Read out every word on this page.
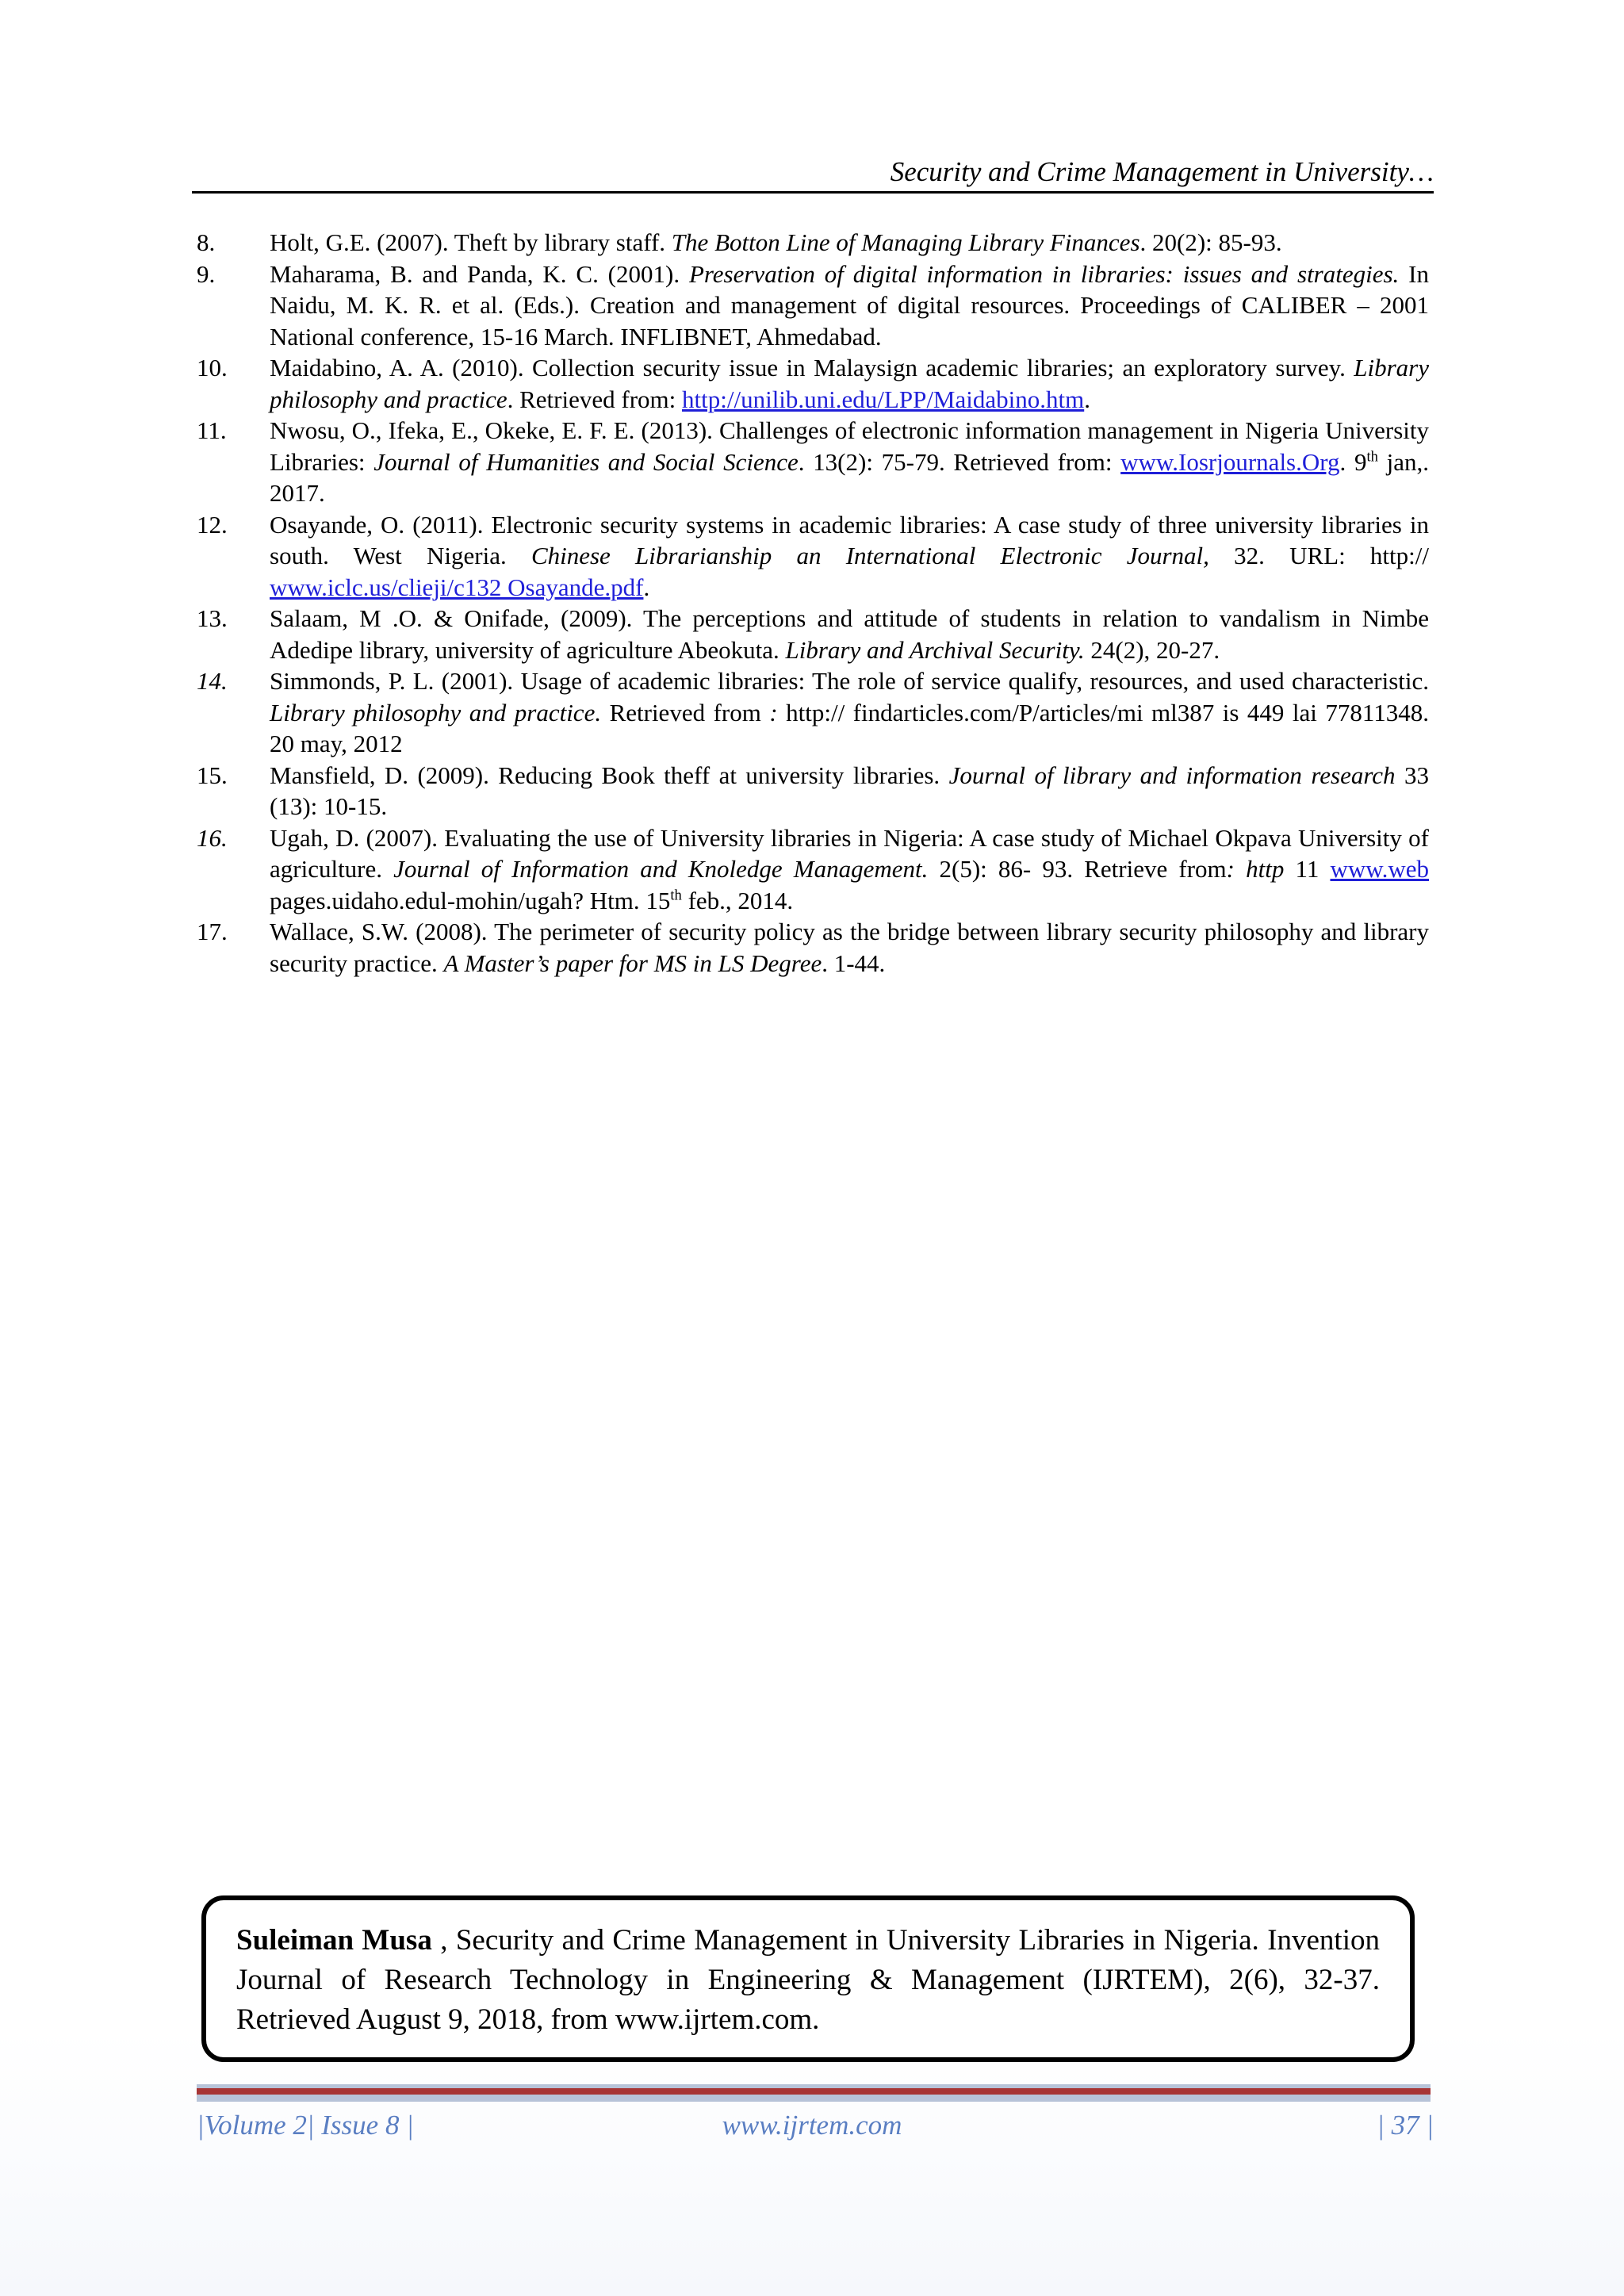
Security and Crime Management in University…
8.	Holt, G.E. (2007). Theft by library staff. The Botton Line of Managing Library Finances. 20(2): 85-93.
9.	Maharama, B. and Panda, K. C. (2001). Preservation of digital information in libraries: issues and strategies. In Naidu, M. K. R. et al. (Eds.). Creation and management of digital resources. Proceedings of CALIBER – 2001 National conference, 15-16 March. INFLIBNET, Ahmedabad.
10.	Maidabino, A. A. (2010). Collection security issue in Malaysign academic libraries; an exploratory survey. Library philosophy and practice. Retrieved from: http://unilib.uni.edu/LPP/Maidabino.htm.
11.	Nwosu, O., Ifeka, E., Okeke, E. F. E. (2013). Challenges of electronic information management in Nigeria University Libraries: Journal of Humanities and Social Science. 13(2): 75-79. Retrieved from: www.Iosrjournals.Org. 9th jan,. 2017.
12.	Osayande, O. (2011). Electronic security systems in academic libraries: A case study of three university libraries in south. West Nigeria. Chinese Librarianship an International Electronic Journal, 32. URL: http:// www.iclc.us/clieji/c132 Osayande.pdf.
13.	Salaam, M .O. & Onifade, (2009). The perceptions and attitude of students in relation to vandalism in Nimbe Adedipe library, university of agriculture Abeokuta. Library and Archival Security. 24(2), 20-27.
14.	Simmonds, P. L. (2001). Usage of academic libraries: The role of service qualify, resources, and used characteristic. Library philosophy and practice. Retrieved from : http:// findarticles.com/P/articles/mi ml387 is 449 lai 77811348. 20 may, 2012
15.	Mansfield, D. (2009). Reducing Book theff at university libraries. Journal of library and information research 33 (13): 10-15.
16.	Ugah, D. (2007). Evaluating the use of University libraries in Nigeria: A case study of Michael Okpava University of agriculture. Journal of Information and Knoledge Management. 2(5): 86- 93. Retrieve from: http 11 www.web pages.uidaho.edul-mohin/ugah? Htm. 15th feb., 2014.
17.	Wallace, S.W. (2008). The perimeter of security policy as the bridge between library security philosophy and library security practice. A Master’s paper for MS in LS Degree. 1-44.
Suleiman Musa , Security and Crime Management in University Libraries in Nigeria. Invention Journal of Research Technology in Engineering & Management (IJRTEM), 2(6), 32-37. Retrieved August 9, 2018, from www.ijrtem.com.
|Volume 2| Issue 8 |	www.ijrtem.com	| 37 |
